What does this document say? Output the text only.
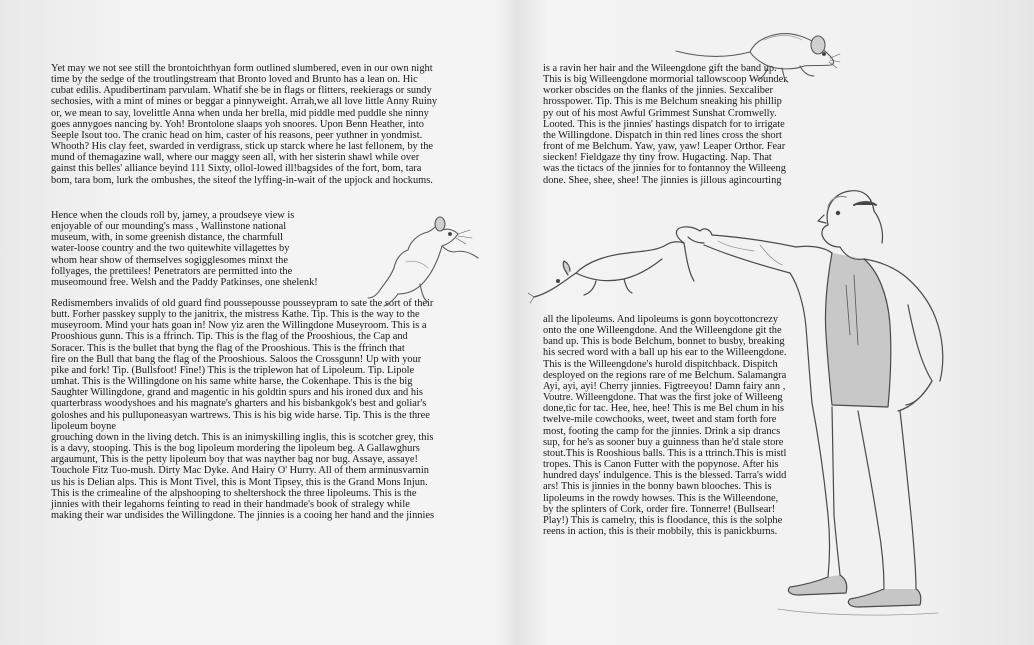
Yet may we not see still the brontoichthyan form outlined slumbered, even in our own night
time by the sedge of the troutlingstream that Bronto loved and Brunto has a lean on. Hic
cubat edilis. Apudibertinam parvulam. Whatif she be in flags or flitters, reekierags or sundy
sechosies, with a mint of mines or beggar a pinnyweight. Arrah,we all love little Anny Ruiny
or, we mean to say, lovelittle Anna when unda her brella, mid piddle med puddle she ninny
goes annygoes nancing by. Yoh! Brontolone slaaps yoh snoores. Upon Benn Heather, into
Seeple Isout too. The cranic head on him, caster of his reasons, peer yuthner in yondmist.
Whooth? His clay feet, swarded in verdigrass, stick up starck where he last fellonem, by the
mund of themagazine wall, where our maggy seen all, with her sisterin shawl while over
gainst this belles' alliance beyind 111 Sixty, ollol-lowed ill!bagsides of the fort, bom, tara
bom, tara bom, lurk the ombushes, the siteof the lyffing-in-wait of the upjock and hockums.
Hence when the clouds roll by, jamey, a proudseye view is
enjoyable of our mounding's mass , Wallinstone national
museum, with, in some greenish distance, the charmfull
water-loose country and the two quitewhite villagettes by
whom hear show of themselves sogigglesomes minxt the
follyages, the prettilees! Penetrators are permitted into the
museomound free. Welsh and the Paddy Patkinses, one shelenk!
Redismembers invalids of old guard find poussepousse pousseypram to sate the sort of their
butt. Forher passkey supply to the janitrix, the mistress Kathe. Tip. This is the way to the
museyroom. Mind your hats goan in! Now yiz aren the Willingdone Museyroom. This is a
Prooshious gunn. This is a ffrinch. Tip. This is the flag of the Prooshious, the Cap and
Soracer. This is the bullet that byng the flag of the Prooshious. This is the ffrinch that
fire on the Bull that bang the flag of the Prooshious. Saloos the Crossgunn! Up with your
pike and fork! Tip. (Bullsfoot! Fine!) This is the triplewon hat of Lipoleum. Tip. Lipole
umhat. This is the Willingdone on his same white harse, the Cokenhape. This is the big
Saughter Willingdone, grand and magentic in his goldtin spurs and his ironed dux and his
quarterbrass woodyshoes and his magnate's gharters and his bisbankgok's best and goliar's
goloshes and his pulluponeasyan wartrews. This is his big wide harse. Tip. This is the three
lipoleum boyne
grouching down in the living detch. This is an inimyskilling inglis, this is scotcher grey, this
is a davy, stooping. This is the bog lipoleum mordering the lipoleum beg. A Gallawghurs
argaumunt, This is the petty lipoleum boy that was nayther bag nor bug. Assaye, assaye!
Touchole Fitz Tuo-mush. Dirty Mac Dyke. And Hairy O' Hurry. All of them arminusvarnin
us his is Delian alps. This is Mont Tivel, this is Mont Tipsey, this is the Grand Mons Injun.
This is the crimealine of the alpshooping to sheltershock the three lipoleums. This is the
jinnies with their legahorns feinting to read in their handmade's book of stralegy while
making their war undisides the Willingdone. The jinnies is a cooing her hand and the jinnies
is a ravin her hair and the Wileengdone gift the band up.
This is big Willeengdone mormorial tallowscoop Wounder
worker obscides on the flanks of the jinnies. Sexcaliber
hrosspower. Tip. This is me Belchum sneaking his phillip
py out of his most Awful Grimmest Sunshat Cromwelly.
Looted. This is the jinnies' hastings dispatch for to irrigate
the Willingdone. Dispatch in thin red lines cross the short
front of me Belchum. Yaw, yaw, yaw! Leaper Orthor. Fear
siecken! Fieldgaze thy tiny frow. Hugacting. Nap. That
was the tictacs of the jinnies for to fontannoy the Willeeng
done. Shee, shee, shee! The jinnies is jillous agincourting
all the lipoleums. And lipoleums is gonn boycottoncrezy
onto the one Willeengdone. And the Willeengdone git the
band up. This is bode Belchum, bonnet to busby, breaking
his secred word with a ball up his ear to the Willeengdone.
This is the Willeengdone's hurold dispitchback. Dispitch
desployed on the regions rare of me Belchum. Salamangra
Ayi, ayi, ayi! Cherry jinnies. Figtreeyou! Damn fairy ann ,
Voutre. Willeengdone. That was the first joke of Willeeng
done,tic for tac. Hee, hee, hee! This is me Bel chum in his
twelve-mile cowchooks, weet, tweet and stam forth fore
most, footing the camp for the jinnies. Drink a sip drancs
sup, for he's as sooner buy a guinness than he'd stale store
stout.This is Rooshious balls. This is a ttrinch.This is mistl
tropes. This is Canon Futter with the popynose. After his
hundred days' indulgence. This is the blessed. Tarra's widd
ars! This is jinnies in the bonny bawn blooches. This is
lipoleums in the rowdy howses. This is the Willeendone,
by the splinters of Cork, order fire. Tonnerre! (Bullsear!
Play!) This is camelry, this is floodance, this is the solphe
reens in action, this is their mobbily, this is panickburns.
